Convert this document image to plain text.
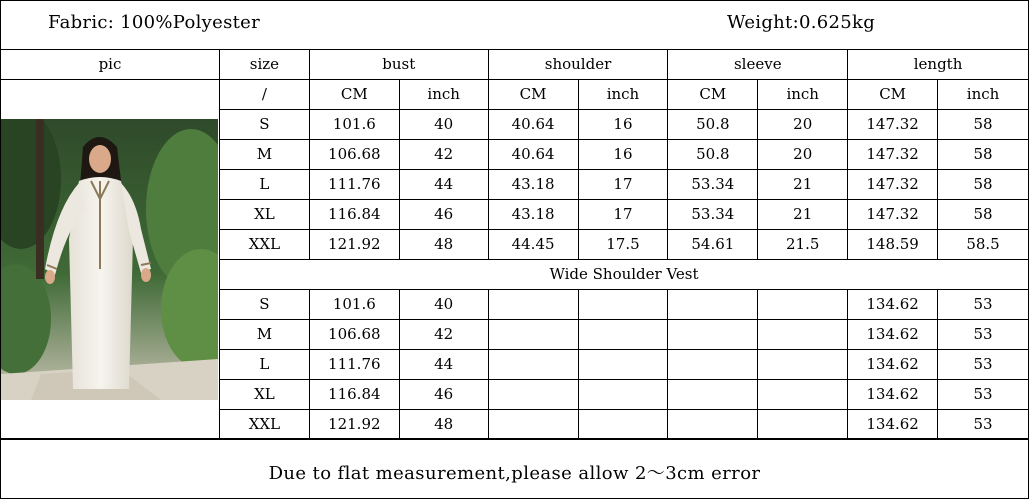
Fabric: 100%Polyester	Weight:0.625kg
pic	size	bust		shoulder		sleeve		length	

	/	CM	inch	CM	inch	CM	inch	CM	inch
	S	101.6	40	40.64	16	50.8	20	147.32	58
	M	106.68	42	40.64	16	50.8	20	147.32	58
	L	111.76	44	43.18	17	53.34	21	147.32	58
	XL	116.84	46	43.18	17	53.34	21	147.32	58
	XXL	121.92	48	44.45	17.5	54.61	21.5	148.59	58.5
	Wide Shoulder Vest								
	S	101.6	40					134.62	53
	M	106.68	42					134.62	53
	L	111.76	44					134.62	53
	XL	116.84	46					134.62	53
	XXL	121.92	48					134.62	53
Due to flat measurement,please allow 2～3cm error
